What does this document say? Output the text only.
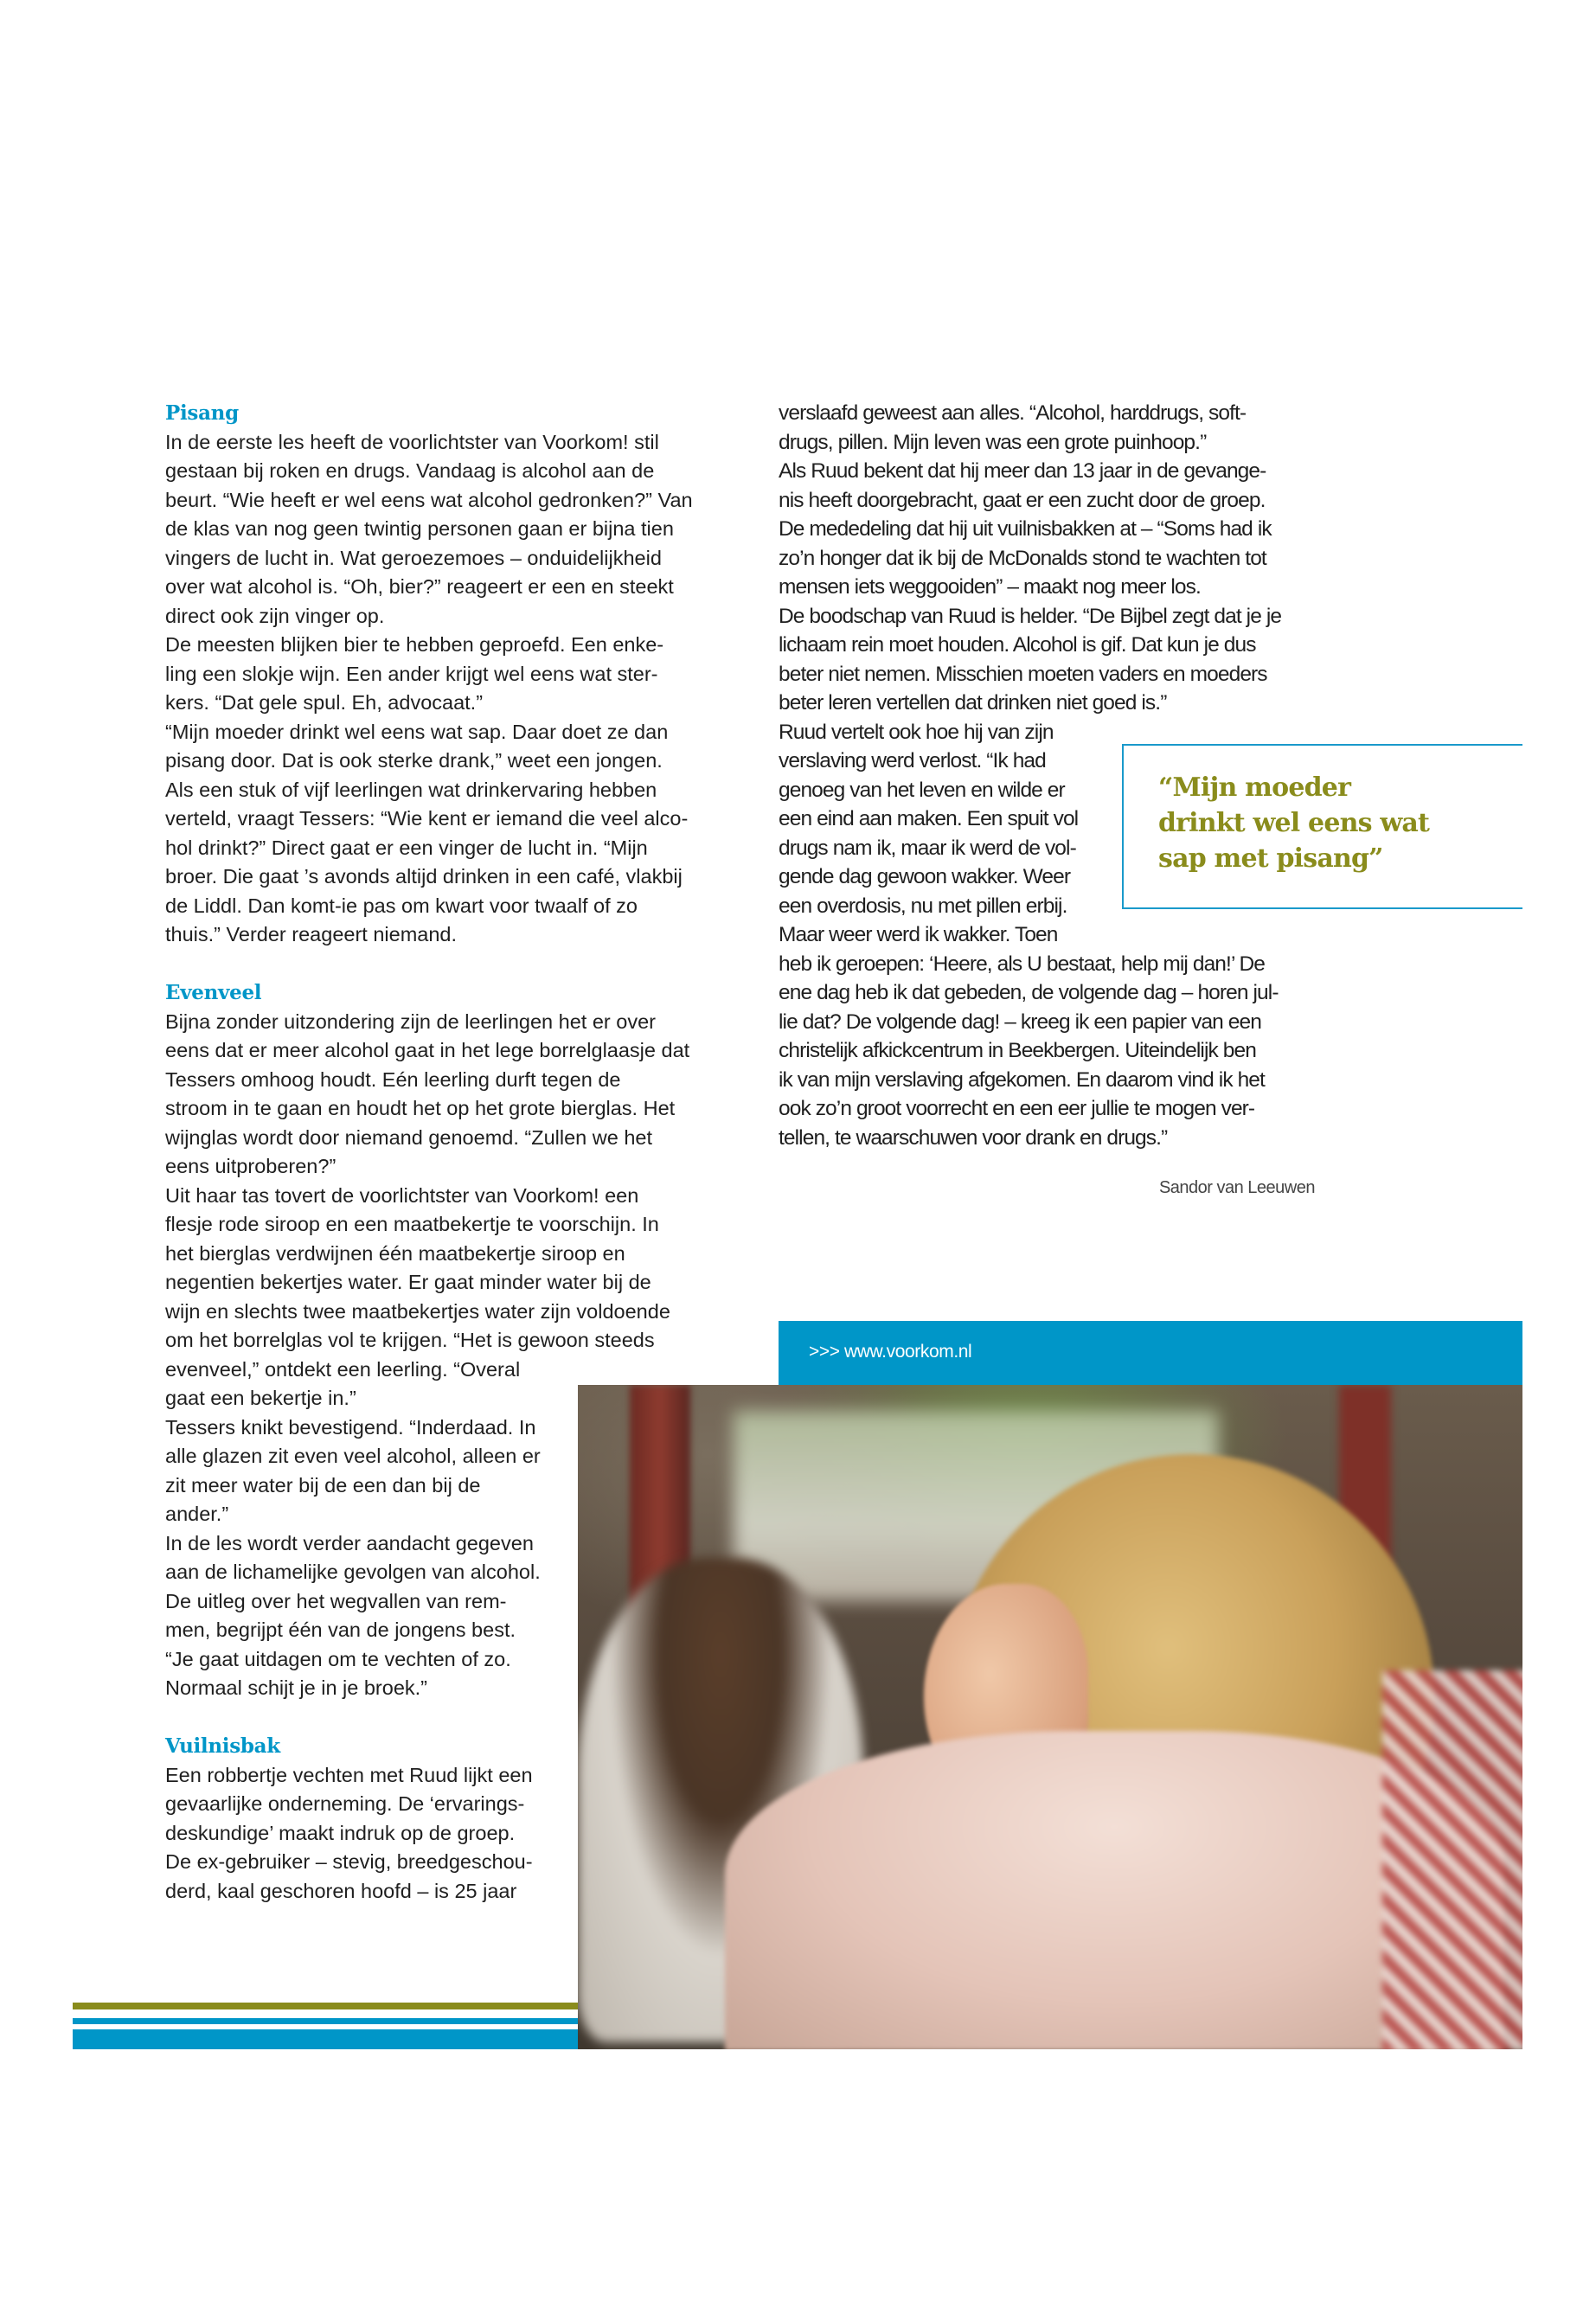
Pisang
In de eerste les heeft de voorlichtster van Voorkom! stil
gestaan bij roken en drugs. Vandaag is alcohol aan de
beurt. “Wie heeft er wel eens wat alcohol gedronken?” Van
de klas van nog geen twintig personen gaan er bijna tien
vingers de lucht in. Wat geroezemoes – onduidelijkheid
over wat alcohol is. “Oh, bier?” reageert er een en steekt
direct ook zijn vinger op.
De meesten blijken bier te hebben geproefd. Een enke-
ling een slokje wijn. Een ander krijgt wel eens wat ster-
kers. “Dat gele spul. Eh, advocaat.”
“Mijn moeder drinkt wel eens wat sap. Daar doet ze dan
pisang door. Dat is ook sterke drank,” weet een jongen.
Als een stuk of vijf leerlingen wat drinkervaring hebben
verteld, vraagt Tessers: “Wie kent er iemand die veel alco-
hol drinkt?” Direct gaat er een vinger de lucht in. “Mijn
broer. Die gaat ’s avonds altijd drinken in een café, vlakbij
de Liddl. Dan komt-ie pas om kwart voor twaalf of zo
thuis.” Verder reageert niemand.
Evenveel
Bijna zonder uitzondering zijn de leerlingen het er over
eens dat er meer alcohol gaat in het lege borrelglaasje dat
Tessers omhoog houdt. Eén leerling durft tegen de
stroom in te gaan en houdt het op het grote bierglas. Het
wijnglas wordt door niemand genoemd. “Zullen we het
eens uitproberen?”
Uit haar tas tovert de voorlichtster van Voorkom! een
flesje rode siroop en een maatbekertje te voorschijn. In
het bierglas verdwijnen één maatbekertje siroop en
negentien bekertjes water. Er gaat minder water bij de
wijn en slechts twee maatbekertjes water zijn voldoende
om het borrelglas vol te krijgen. “Het is gewoon steeds
evenveel,” ontdekt een leerling. “Overal
gaat een bekertje in.”
Tessers knikt bevestigend. “Inderdaad. In
alle glazen zit even veel alcohol, alleen er
zit meer water bij de een dan bij de
ander.”
In de les wordt verder aandacht gegeven
aan de lichamelijke gevolgen van alcohol.
De uitleg over het wegvallen van rem-
men, begrijpt één van de jongens best.
“Je gaat uitdagen om te vechten of zo.
Normaal schijt je in je broek.”
Vuilnisbak
Een robbertje vechten met Ruud lijkt een
gevaarlijke onderneming. De ‘ervarings-
deskundige’ maakt indruk op de groep.
De ex-gebruiker – stevig, breedgeschou-
derd, kaal geschoren hoofd – is 25 jaar
verslaafd geweest aan alles. “Alcohol, harddrugs, soft-
drugs, pillen. Mijn leven was een grote puinhoop.”
Als Ruud bekent dat hij meer dan 13 jaar in de gevange-
nis heeft doorgebracht, gaat er een zucht door de groep.
De mededeling dat hij uit vuilnisbakken at – “Soms had ik
zo’n honger dat ik bij de McDonalds stond te wachten tot
mensen iets weggooiden” – maakt nog meer los.
De boodschap van Ruud is helder. “De Bijbel zegt dat je je
lichaam rein moet houden. Alcohol is gif. Dat kun je dus
beter niet nemen. Misschien moeten vaders en moeders
beter leren vertellen dat drinken niet goed is.”
Ruud vertelt ook hoe hij van zijn
verslaving werd verlost. “Ik had
genoeg van het leven en wilde er
een eind aan maken. Een spuit vol
drugs nam ik, maar ik werd de vol-
gende dag gewoon wakker. Weer
een overdosis, nu met pillen erbij.
Maar weer werd ik wakker. Toen
heb ik geroepen: ‘Heere, als U bestaat, help mij dan!’ De
ene dag heb ik dat gebeden, de volgende dag – horen jul-
lie dat? De volgende dag! – kreeg ik een papier van een
christelijk afkickcentrum in Beekbergen. Uiteindelijk ben
ik van mijn verslaving afgekomen. En daarom vind ik het
ook zo’n groot voorrecht en een eer jullie te mogen ver-
tellen, te waarschuwen voor drank en drugs.”
Sandor van Leeuwen
“Mijn moeder
drinkt wel eens wat
sap met pisang”
>>> www.voorkom.nl
